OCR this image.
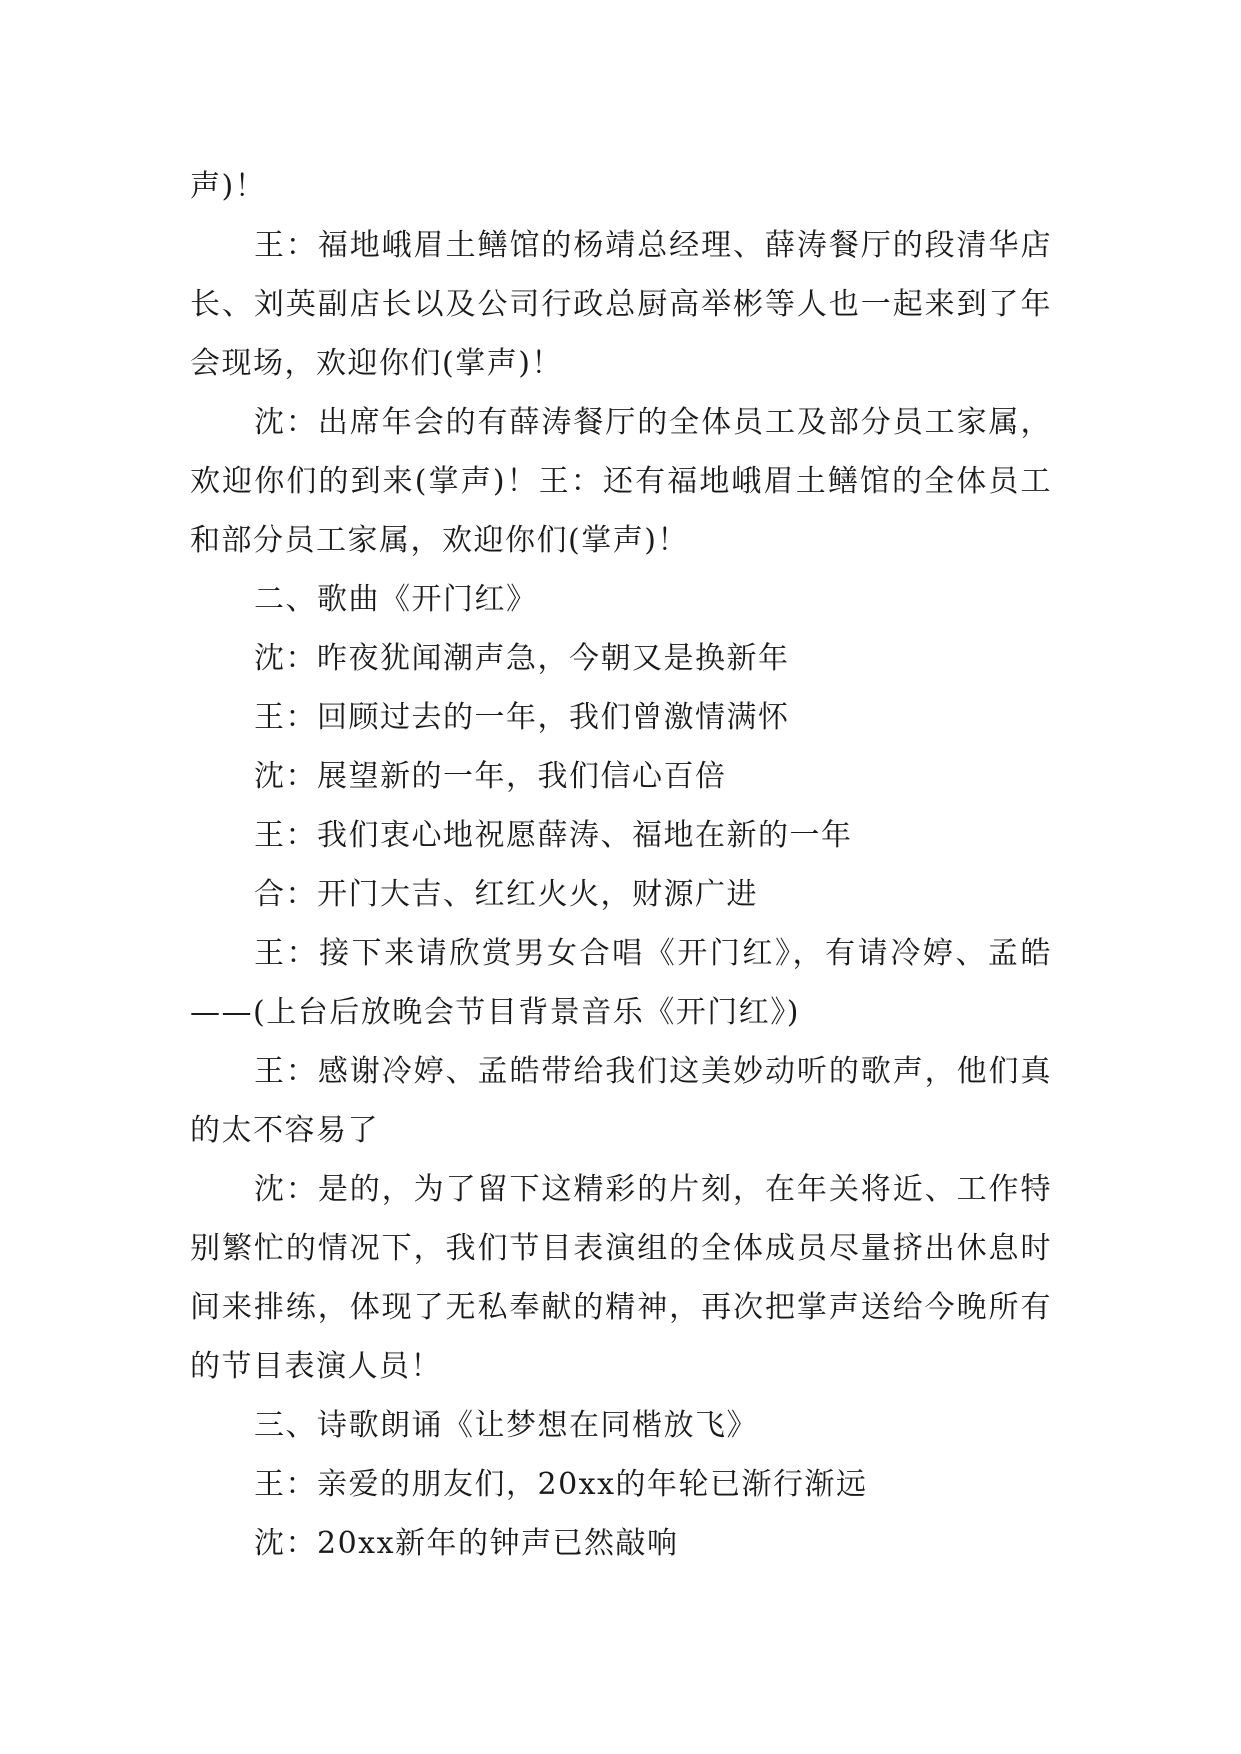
声)！

王：福地峨眉土鳝馆的杨靖总经理、薛涛餐厅的段清华店长、刘英副店长以及公司行政总厨高举彬等人也一起来到了年会现场，欢迎你们(掌声)！

沈：出席年会的有薛涛餐厅的全体员工及部分员工家属，欢迎你们的到来(掌声)！王：还有福地峨眉土鳝馆的全体员工和部分员工家属，欢迎你们(掌声)！

二、歌曲《开门红》

沈：昨夜犹闻潮声急，今朝又是换新年

王：回顾过去的一年，我们曾激情满怀

沈：展望新的一年，我们信心百倍

王：我们衷心地祝愿薛涛、福地在新的一年

合：开门大吉、红红火火，财源广进

王：接下来请欣赏男女合唱《开门红》，有请冷婷、孟皓——(上台后放晚会节目背景音乐《开门红》)

王：感谢冷婷、孟皓带给我们这美妙动听的歌声，他们真的太不容易了

沈：是的，为了留下这精彩的片刻，在年关将近、工作特别繁忙的情况下，我们节目表演组的全体成员尽量挤出休息时间来排练，体现了无私奉献的精神，再次把掌声送给今晚所有的节目表演人员！

三、诗歌朗诵《让梦想在同楷放飞》

王：亲爱的朋友们，20xx的年轮已渐行渐远

沈：20xx新年的钟声已然敲响
